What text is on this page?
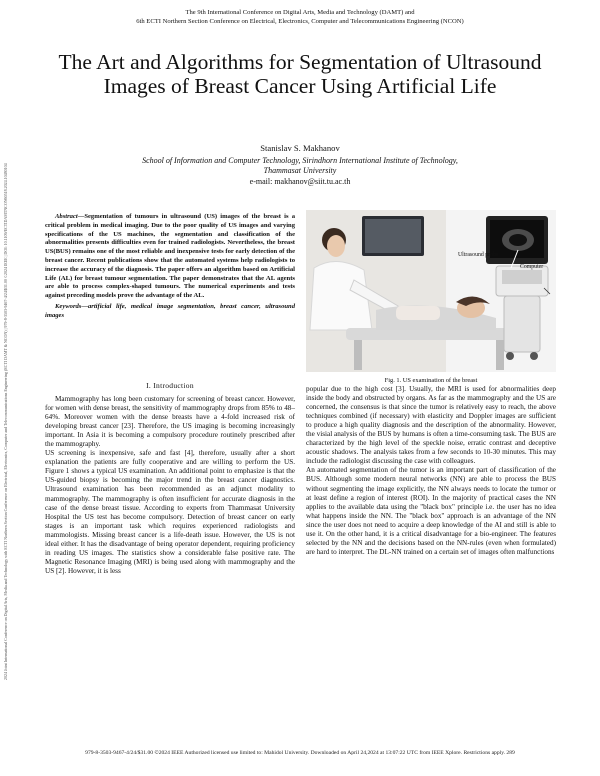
The 9th International Conference on Digital Arts, Media and Technology (DAMT) and
6th ECTI Northern Section Conference on Electrical, Electronics, Computer and Telecommunications Engineering (NCON)
2024 Joint International Conference on Digital Arts, Media and Technology with ECTI Northern Section Conference on Electrical, Electronics, Computer and Telecommunications Engineering (ECTI DAMT & NCON) | 979-8-3503-9467-4/24/$31.00 ©2024 IEEE | DOI: 10.1109/ECTIDAMTNCON60518.2024.10480104
The Art and Algorithms for Segmentation of Ultrasound Images of Breast Cancer Using Artificial Life
Stanislav S. Makhanov
School of Information and Computer Technology, Sirindhorn International Institute of Technology,
Thammasat University
e-mail: makhanov@siit.tu.ac.th
Abstract—Segmentation of tumours in ultrasound (US) images of the breast is a critical problem in medical imaging. Due to the poor quality of US images and varying specifications of the US machines, the segmentation and classification of the abnormalities presents difficulties even for trained radiologists. Nevertheless, the breast US(BUS) remains one of the most reliable and inexpensive tests for early detection of the breast cancer. Recent publications show that the automated systems help radiologists to increase the accuracy of the diagnosis. The paper offers an algorithm based on Artificial Life (AL) for breast tumour segmentation. The paper demonstrates that the AL agents are able to process complex-shaped tumours. The numerical experiments and tests against preceding models prove the advantage of the AL.
Keywords—artificial life, medical image segmentation, breast cancer, ultrasound images
Ultrasound probe
Computer
Fig. 1. US examination of the breast
I. Introduction

Mammography has long been customary for screening of breast cancer. However, for women with dense breast, the sensitivity of mammography drops from 85% to 48–64%. Moreover women with the dense breasts have a 4-fold increased risk of developing breast cancer [23]. Therefore, the US imaging is becoming increasingly important. In Asia it is becoming a compulsory procedure routinely prescribed after the mammography.

US screening is inexpensive, safe and fast [4], therefore, usually after a short explanation the patients are fully cooperative and are willing to perform the US. Figure 1 shows a typical US examination. An additional point to emphasize is that the US-guided biopsy is becoming the major trend in the breast cancer diagnostics. Ultrasound examination has been recommended as an adjunct modality to mammography. The mammography is often insufficient for accurate diagnosis in the case of the dense breast tissue. According to experts from Thammasat University Hospital the US test has become compulsory. Detection of breast cancer on early stages is an important task which requires experienced radiologists and mammologists. Missing breast cancer is a life-death issue. However, the US is not ideal either. It has the disadvantage of being operator dependent, requiring proficiency in reading US images. The statistics show a considerable false positive rate. The Magnetic Resonance Imaging (MRI) is being used along with mammography and the US [2]. However, it is less

popular due to the high cost [3]. Usually, the MRI is used for abnormalities deep inside the body and obstructed by organs. As far as the mammography and the US are concerned, the consensus is that since the tumor is relatively easy to reach, the above techniques combined (if necessary) with elasticity and Doppler images are sufficient to produce a high quality diagnosis and the description of the abnormality. However, the visial analysis of the BUS by humans is often a time-consuming task. The BUS are characterized by the high level of the speckle noise, erratic contrast and deceptive acoustic shadows. The analysis takes from a few seconds to 10-30 minutes. This may include the radiologist discussing the case with colleagues.

An automated segmentation of the tumor is an important part of classification of the BUS. Although some modern neural networks (NN) are able to process the BUS without segmenting the image explicitly, the NN always needs to locate the tumor or at least define a region of interest (ROI). In the majority of practical cases the NN applies to the available data using the "black box" principle i.e. the user has no idea what happens inside the NN. The "black box" approach is an advantage of the NN since the user does not need to acquire a deep knowledge of the AI and still is able to use it. On the other hand, it is a critical disadvantage for a bio-engineer. The features selected by the NN and the decisions based on the NN-rules (even when formulated) are hard to interpret. The DL-NN trained on a certain set of images often malfunctions

979-8-3503-9467-4/24/$31.00 ©2024 IEEE Authorized licensed use limited to: Mahidol University. Downloaded on April 24,2024 at 13:07:22 UTC from IEEE Xplore. Restrictions apply. 289
